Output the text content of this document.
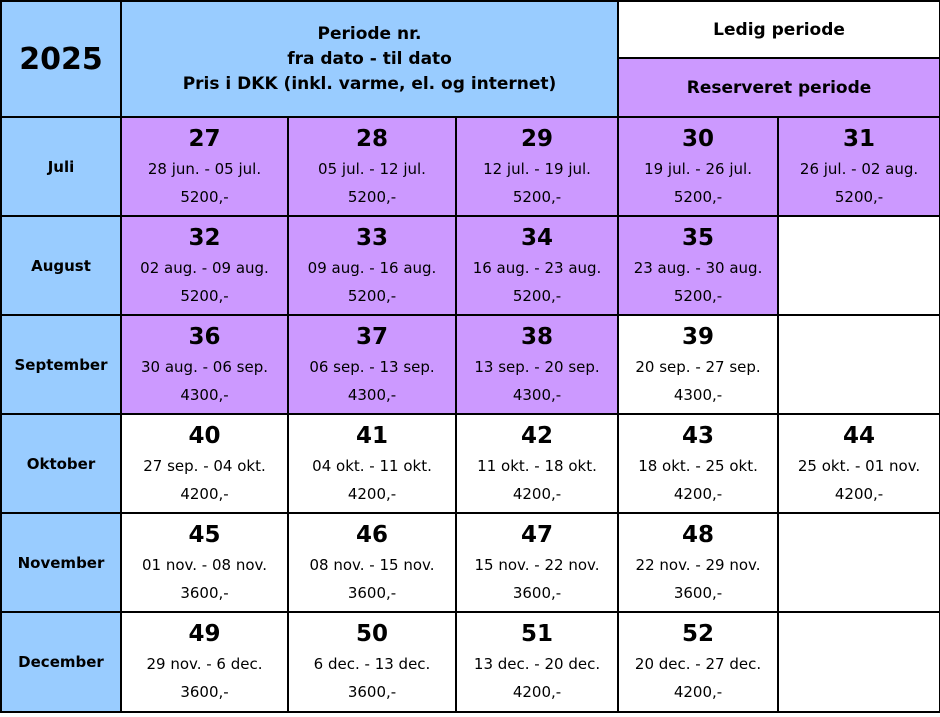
2025	Periode nr.
fra dato - til dato
Pris i DKK (inkl. varme, el. og internet)			Ledig periode	
				Reserveret periode	
Juli	27
28 jun. - 05 jul.
5200,-	28
05 jul. - 12 jul.
5200,-	29
12 jul. - 19 jul.
5200,-	30
19 jul. - 26 jul.
5200,-	31
26 jul. - 02 aug.
5200,-

August	32
02 aug. - 09 aug.
5200,-	33
09 aug. - 16 aug.
5200,-	34
16 aug. - 23 aug.
5200,-	35
23 aug. - 30 aug.
5200,-	

September	36
30 aug. - 06 sep.
4300,-	37
06 sep. - 13 sep.
4300,-	38
13 sep. - 20 sep.
4300,-	39
20 sep. - 27 sep.
4300,-	

Oktober	40
27 sep. - 04 okt.
4200,-	41
04 okt. - 11 okt.
4200,-	42
11 okt. - 18 okt.
4200,-	43
18 okt. - 25 okt.
4200,-	44
25 okt. - 01 nov.
4200,-

November	45
01 nov. - 08 nov.
3600,-	46
08 nov. - 15 nov.
3600,-	47
15 nov. - 22 nov.
3600,-	48
22 nov. - 29 nov.
3600,-	

December	49
29 nov. - 6 dec.
3600,-	50
6 dec. - 13 dec.
3600,-	51
13 dec. - 20 dec.
4200,-	52
20 dec. - 27 dec.
4200,-	
